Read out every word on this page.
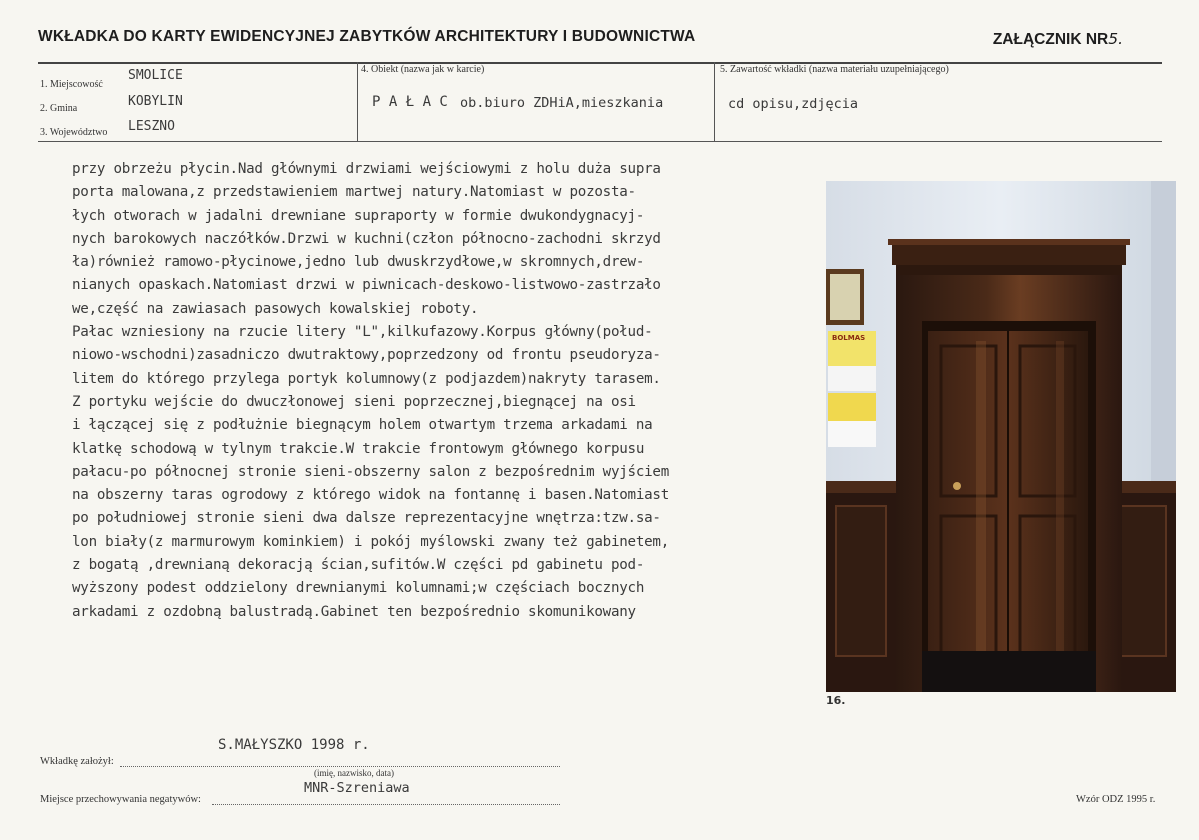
WKŁADKA DO KARTY EWIDENCYJNEJ ZABYTKÓW ARCHITEKTURY I BUDOWNICTWA	ZAŁĄCZNIK NR5.
1. Miejscowość
SMOLICE
2. Gmina	KOBYLIN
3. Województwo LESZNO
4. Obiekt (nazwa jak w karcie)
P A Ł A C ob.biuro ZDHiA,mieszkania
5. Zawartość wkładki (nazwa materiału uzupełniającego)
cd opisu,zdjęcia
przy obrzeżu płycin.Nad głównymi drzwiami wejściowymi z holu duża supra
porta malowana,z przedstawieniem martwej natury.Natomiast w pozosta-
łych otworach w jadalni drewniane supraporty w formie dwukondygnacyj-
nych barokowych naczółków.Drzwi w kuchni(człon północno-zachodni skrzyd
ła)również ramowo-płycinowe,jedno lub dwuskrzydłowe,w skromnych,drew-
nianych opaskach.Natomiast drzwi w piwnicach-deskowo-listwowo-zastrzało
we,część na zawiasach pasowych kowalskiej roboty.
Pałac wzniesiony na rzucie litery "L",kilkufazowy.Korpus główny(połud-
niowo-wschodni)zasadniczo dwutraktowy,poprzedzony od frontu pseudoryza-
litem do którego przylega portyk kolumnowy(z podjazdem)nakryty tarasem.
Z portyku wejście do dwuczłonowej sieni poprzecznej,biegnącej na osi
i łączącej się z podłużnie biegnącym holem otwartym trzema arkadami na
klatkę schodową w tylnym trakcie.W trakcie frontowym głównego korpusu
pałacu-po północnej stronie sieni-obszerny salon z bezpośrednim wyjściem
na obszerny taras ogrodowy z którego widok na fontannę i basen.Natomiast
po południowej stronie sieni dwa dalsze reprezentacyjne wnętrza:tzw.sa-
lon biały(z marmurowym kominkiem) i pokój myślowski zwany też gabinetem,
z bogatą ,drewnianą dekoracją ścian,sufitów.W części pd gabinetu pod-
wyższony podest oddzielony drewnianymi kolumnami;w częściach bocznych
arkadami z ozdobną balustradą.Gabinet ten bezpośrednio skomunikowany
BOLMAS
16.
S.MAŁYSZKO 1998 r.
Wkładkę założył:
(imię, nazwisko, data)
MNR-Szreniawa
Miejsce przechowywania negatywów:	Wzór ODZ 1995 r.
